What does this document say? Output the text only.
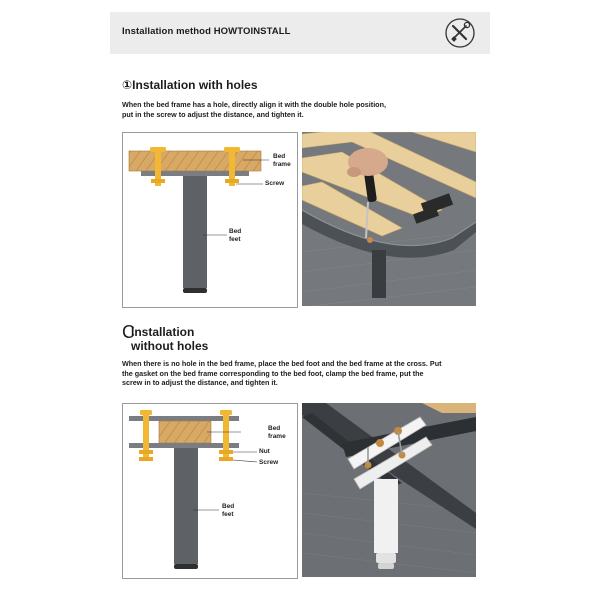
Installation method HOWTOINSTALL
①Installation with holes
When the bed frame has a hole, directly align it with the double hole position,
put in the screw to adjust the distance, and tighten it.
Bed
frame
Screw
Bed
feet
C
Installation
without holes
When there is no hole in the bed frame, place the bed foot and the bed frame at the cross. Put
the gasket on the bed frame corresponding to the bed foot, clamp the bed frame, put the
screw in to adjust the distance, and tighten it.
Bed
frame
Nut
Screw
Bed
feet
